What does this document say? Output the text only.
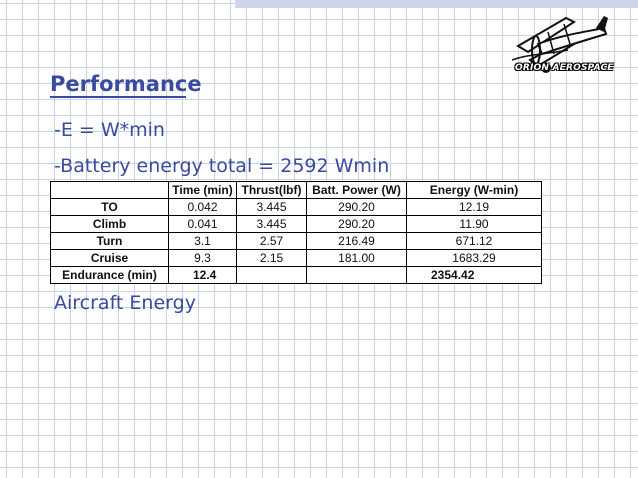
ORION AEROSPACE
Performance
-E = W*min
-Battery energy total = 2592 Wmin
	Time (min)	Thrust(lbf)	Batt. Power (W)	Energy (W-min)
TO	0.042	3.445	290.20	12.19
Climb	0.041	3.445	290.20	11.90
Turn	3.1	2.57	216.49	671.12
Cruise	9.3	2.15	181.00	1683.29
Endurance (min)	12.4			2354.42
Aircraft Energy
